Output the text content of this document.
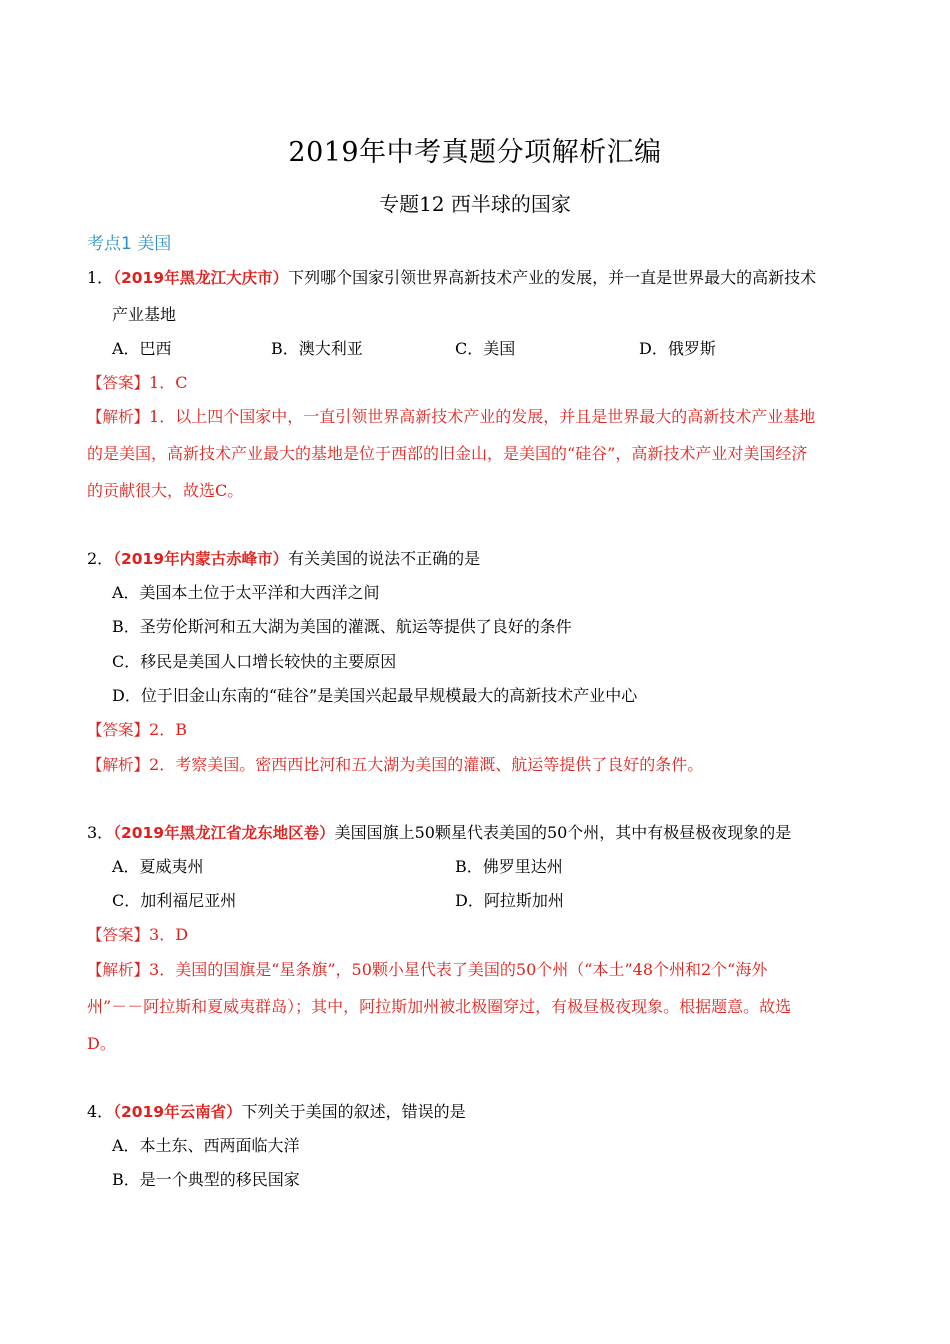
2019年中考真题分项解析汇编
专题12 西半球的国家
考点1 美国
1．（2019年黑龙江大庆市）下列哪个国家引领世界高新技术产业的发展，并一直是世界最大的高新技术
产业基地
A．巴西	B．澳大利亚	C．美国	D．俄罗斯
【答案】1．C
【解析】1．以上四个国家中，一直引领世界高新技术产业的发展，并且是世界最大的高新技术产业基地
的是美国，高新技术产业最大的基地是位于西部的旧金山，是美国的“硅谷”，高新技术产业对美国经济
的贡献很大，故选C。
2．（2019年内蒙古赤峰市）有关美国的说法不正确的是
A．美国本土位于太平洋和大西洋之间
B．圣劳伦斯河和五大湖为美国的灌溉、航运等提供了良好的条件
C．移民是美国人口增长较快的主要原因
D．位于旧金山东南的“硅谷”是美国兴起最早规模最大的高新技术产业中心
【答案】2．B
【解析】2．考察美国。密西西比河和五大湖为美国的灌溉、航运等提供了良好的条件。
3．（2019年黑龙江省龙东地区卷）美国国旗上50颗星代表美国的50个州，其中有极昼极夜现象的是
A．夏威夷州	B．佛罗里达州
C．加利福尼亚州	D．阿拉斯加州
【答案】3．D
【解析】3．美国的国旗是“星条旗”，50颗小星代表了美国的50个州（“本土”48个州和2个“海外
州”－－阿拉斯和夏威夷群岛）；其中，阿拉斯加州被北极圈穿过，有极昼极夜现象。根据题意。故选
D。
4．（2019年云南省）下列关于美国的叙述，错误的是
A．本土东、西两面临大洋
B．是一个典型的移民国家
